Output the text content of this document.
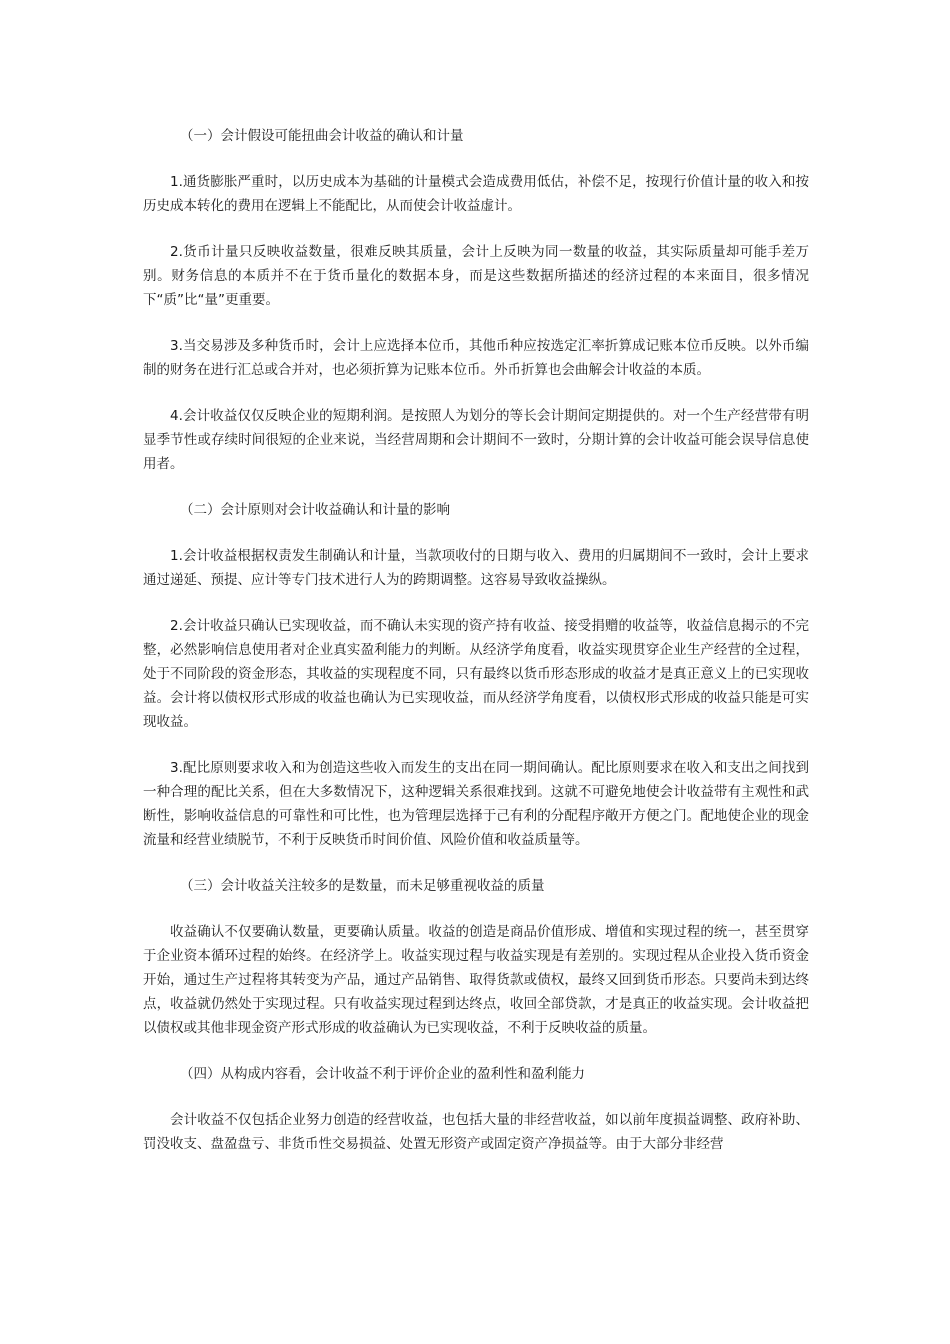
（一）会计假设可能扭曲会计收益的确认和计量

1.通货膨胀严重时，以历史成本为基础的计量模式会造成费用低估，补偿不足，按现行价值计量的收入和按历史成本转化的费用在逻辑上不能配比，从而使会计收益虚计。

2.货币计量只反映收益数量，很难反映其质量，会计上反映为同一数量的收益，其实际质量却可能手差万别。财务信息的本质并不在于货币量化的数据本身，而是这些数据所描述的经济过程的本来面目，很多情况下“质”比“量”更重要。

3.当交易涉及多种货币时，会计上应选择本位币，其他币种应按选定汇率折算成记账本位币反映。以外币编制的财务在进行汇总或合并对，也必须折算为记账本位币。外币折算也会曲解会计收益的本质。

4.会计收益仅仅反映企业的短期利润。是按照人为划分的等长会计期间定期提供的。对一个生产经营带有明显季节性或存续时间很短的企业来说，当经营周期和会计期间不一致时，分期计算的会计收益可能会误导信息使用者。

（二）会计原则对会计收益确认和计量的影响

1.会计收益根据权责发生制确认和计量，当款项收付的日期与收入、费用的归属期间不一致时，会计上要求通过递延、预提、应计等专门技术进行人为的跨期调整。这容易导致收益操纵。

2.会计收益只确认已实现收益，而不确认未实现的资产持有收益、接受捐赠的收益等，收益信息揭示的不完整，必然影响信息使用者对企业真实盈利能力的判断。从经济学角度看，收益实现贯穿企业生产经营的全过程，处于不同阶段的资金形态，其收益的实现程度不同，只有最终以货币形态形成的收益才是真正意义上的已实现收益。会计将以债权形式形成的收益也确认为已实现收益，而从经济学角度看，以债权形式形成的收益只能是可实现收益。

3.配比原则要求收入和为创造这些收入而发生的支出在同一期间确认。配比原则要求在收入和支出之间找到一种合理的配比关系，但在大多数情况下，这种逻辑关系很难找到。这就不可避免地使会计收益带有主观性和武断性，影响收益信息的可靠性和可比性，也为管理层选择于己有利的分配程序敞开方便之门。配地使企业的现金流量和经营业绩脱节，不利于反映货币时间价值、风险价值和收益质量等。

（三）会计收益关注较多的是数量，而未足够重视收益的质量

收益确认不仅要确认数量，更要确认质量。收益的创造是商品价值形成、增值和实现过程的统一，甚至贯穿于企业资本循环过程的始终。在经济学上。收益实现过程与收益实现是有差别的。实现过程从企业投入货币资金开始，通过生产过程将其转变为产品，通过产品销售、取得货款或债权，最终又回到货币形态。只要尚未到达终点，收益就仍然处于实现过程。只有收益实现过程到达终点，收回全部贷款，才是真正的收益实现。会计收益把以债权或其他非现金资产形式形成的收益确认为已实现收益，不利于反映收益的质量。

（四）从构成内容看，会计收益不利于评价企业的盈利性和盈利能力

会计收益不仅包括企业努力创造的经营收益，也包括大量的非经营收益，如以前年度损益调整、政府补助、罚没收支、盘盈盘亏、非货币性交易损益、处置无形资产或固定资产净损益等。由于大部分非经营
